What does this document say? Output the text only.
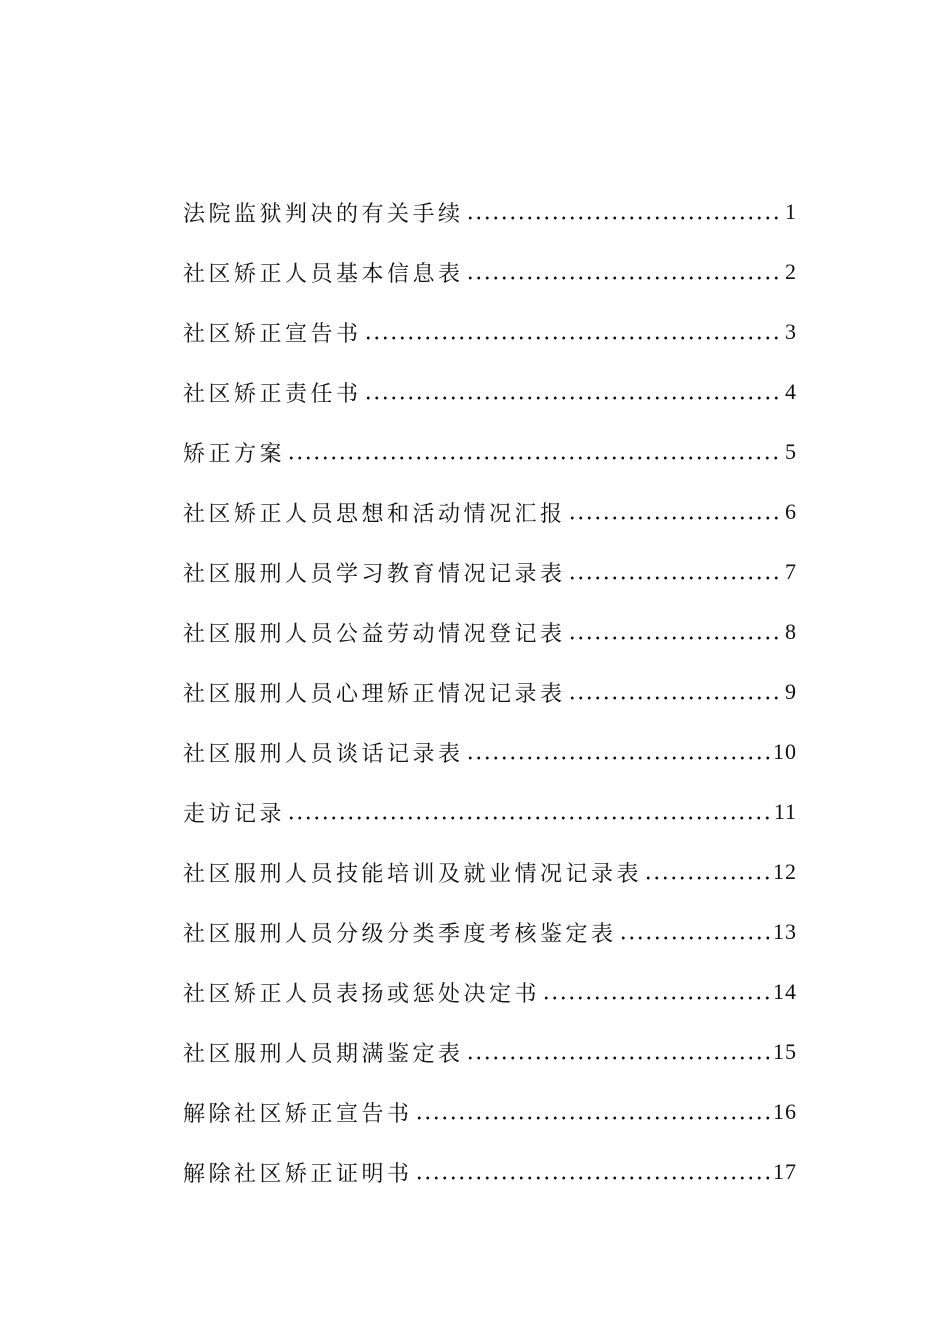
法院监狱判决的有关手续	1
社区矫正人员基本信息表	2
社区矫正宣告书	3
社区矫正责任书	4
矫正方案	5
社区矫正人员思想和活动情况汇报	6
社区服刑人员学习教育情况记录表	7
社区服刑人员公益劳动情况登记表	8
社区服刑人员心理矫正情况记录表	9
社区服刑人员谈话记录表	10
走访记录	11
社区服刑人员技能培训及就业情况记录表	12
社区服刑人员分级分类季度考核鉴定表	13
社区矫正人员表扬或惩处决定书	14
社区服刑人员期满鉴定表	15
解除社区矫正宣告书	16
解除社区矫正证明书	17
